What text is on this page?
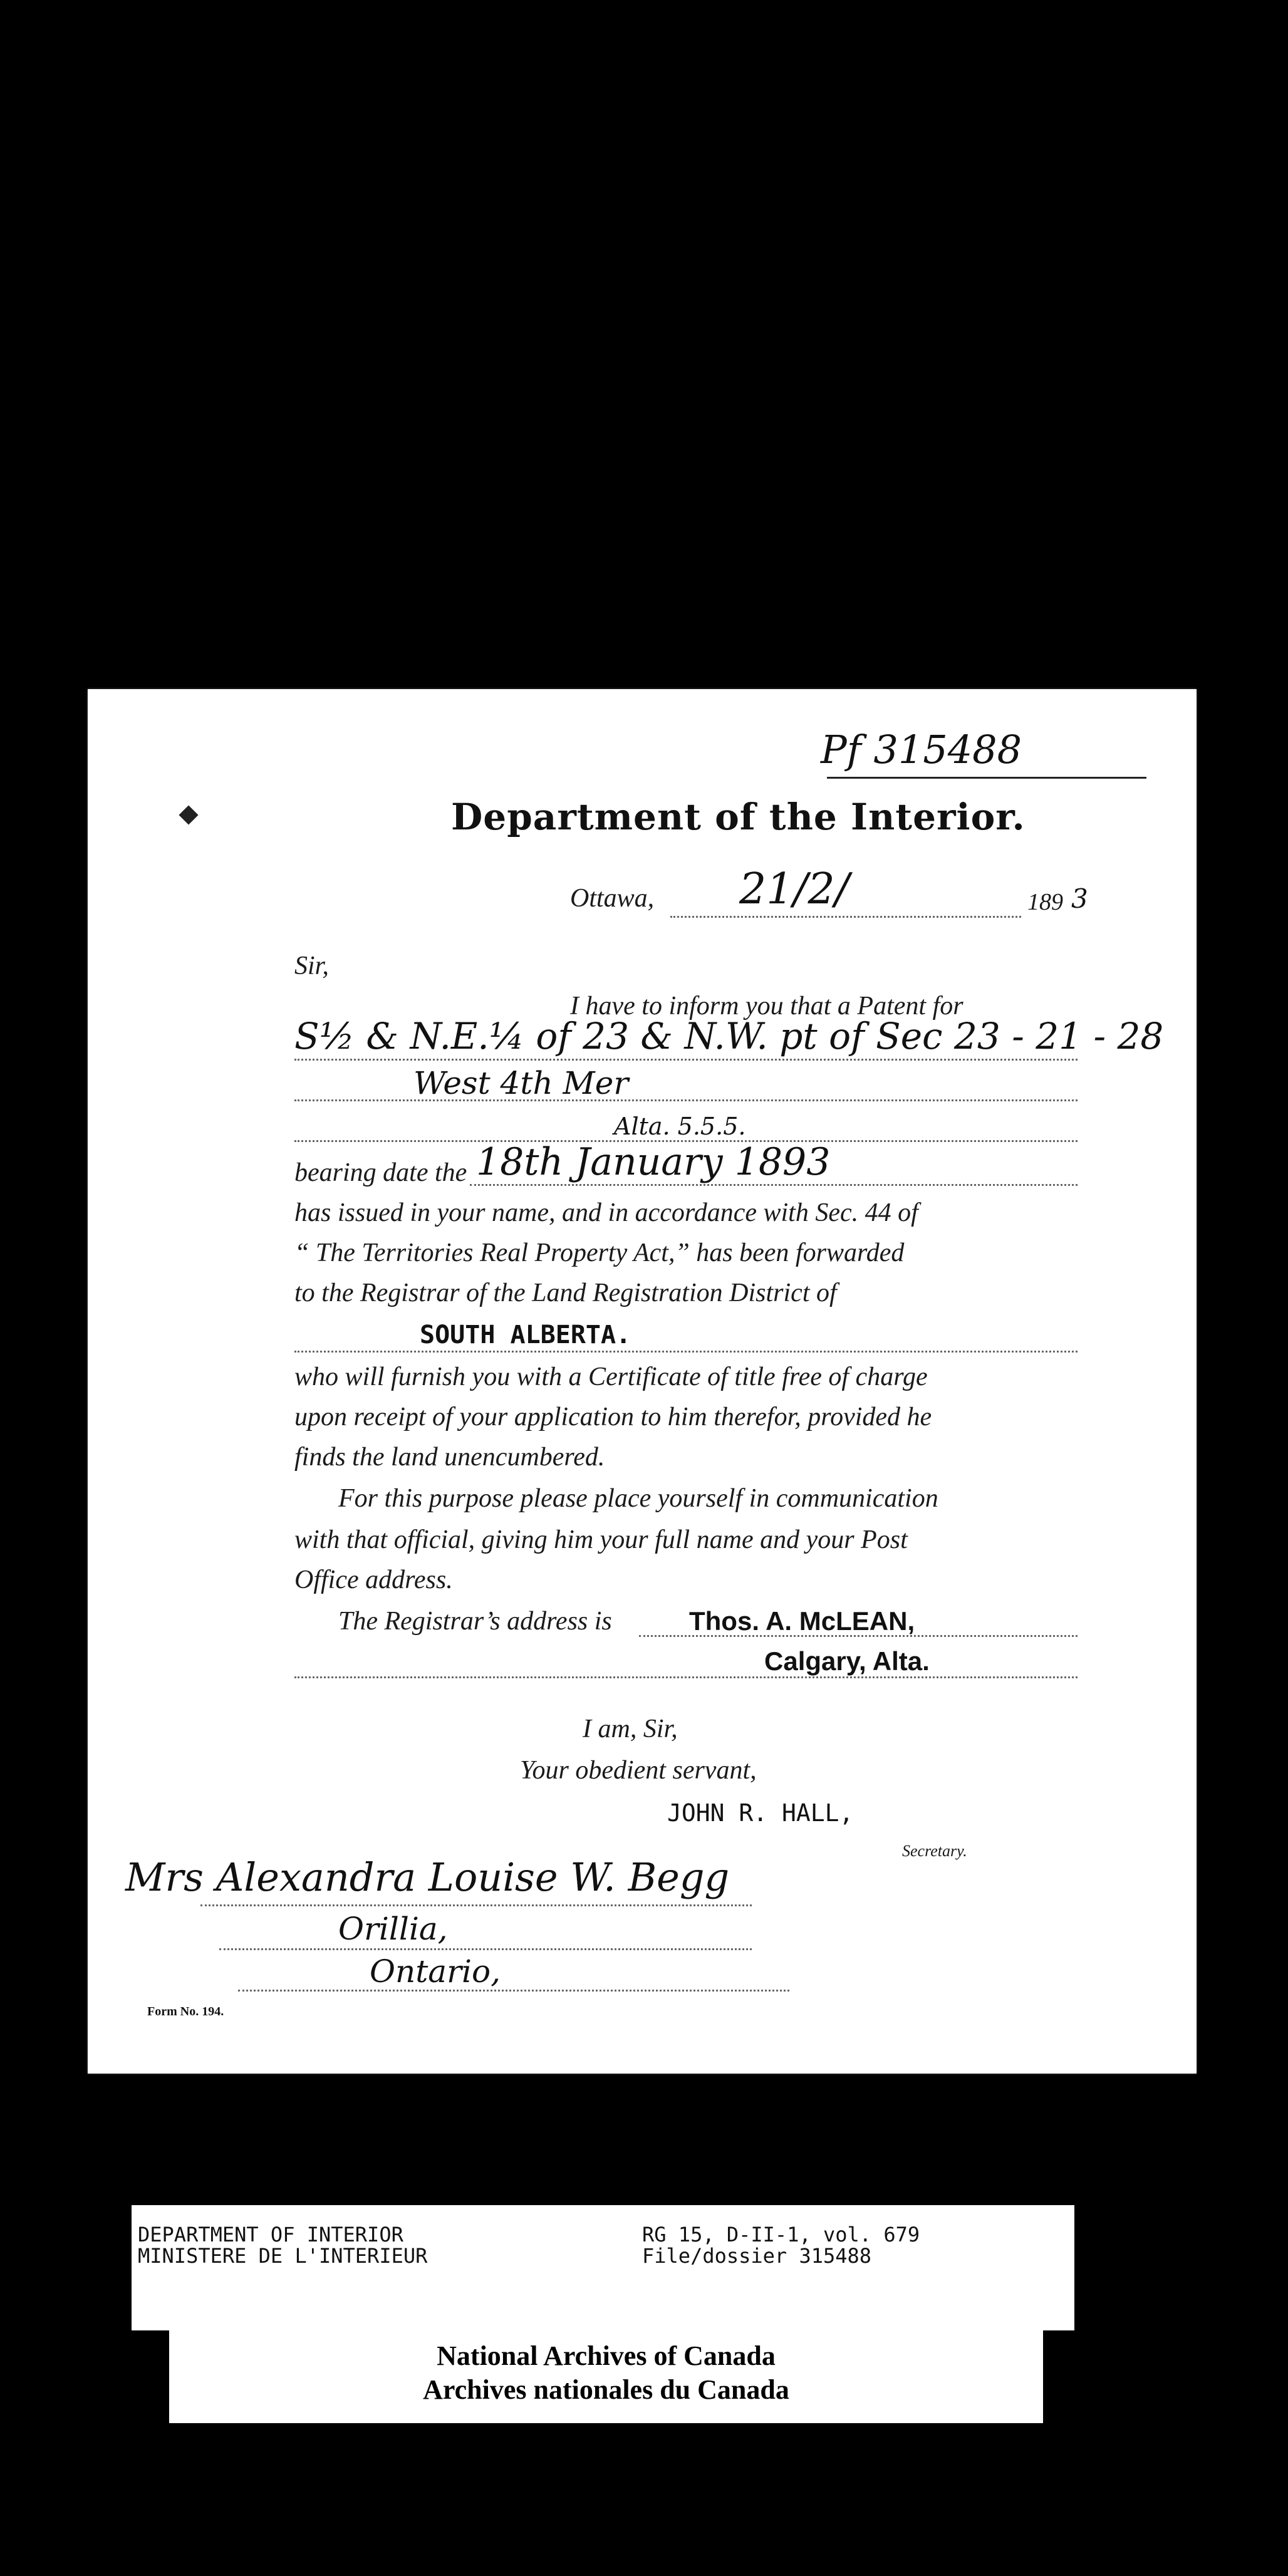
Pf 315488
Department of the Interior.
Ottawa, 21/2/	189 3
Sir,
I have to inform you that a Patent for
S½ & N.E.¼ of 23 & N.W. pt of Sec 23 - 21 - 28
West 4th Mer
Alta. 5.5.5.
bearing date the 18th January 1893
has issued in your name, and in accordance with Sec. 44 of
“ The Territories Real Property Act,” has been forwarded
to the Registrar of the Land Registration District of
SOUTH ALBERTA.
who will furnish you with a Certificate of title free of charge
upon receipt of your application to him therefor, provided he
finds the land unencumbered.
For this purpose please place yourself in communication
with that official, giving him your full name and your Post
Office address.
The Registrar’s address is	Thos. A. McLEAN,
Calgary, Alta.
I am, Sir,
Your obedient servant,
JOHN R. HALL,
Secretary.
Mrs Alexandra Louise W. Begg
Orillia,
Ontario,
Form No. 194.
DEPARTMENT OF INTERIOR
MINISTERE DE L'INTERIEUR
RG 15, D-II-1, vol. 679
File/dossier 315488
National Archives of Canada
Archives nationales du Canada
